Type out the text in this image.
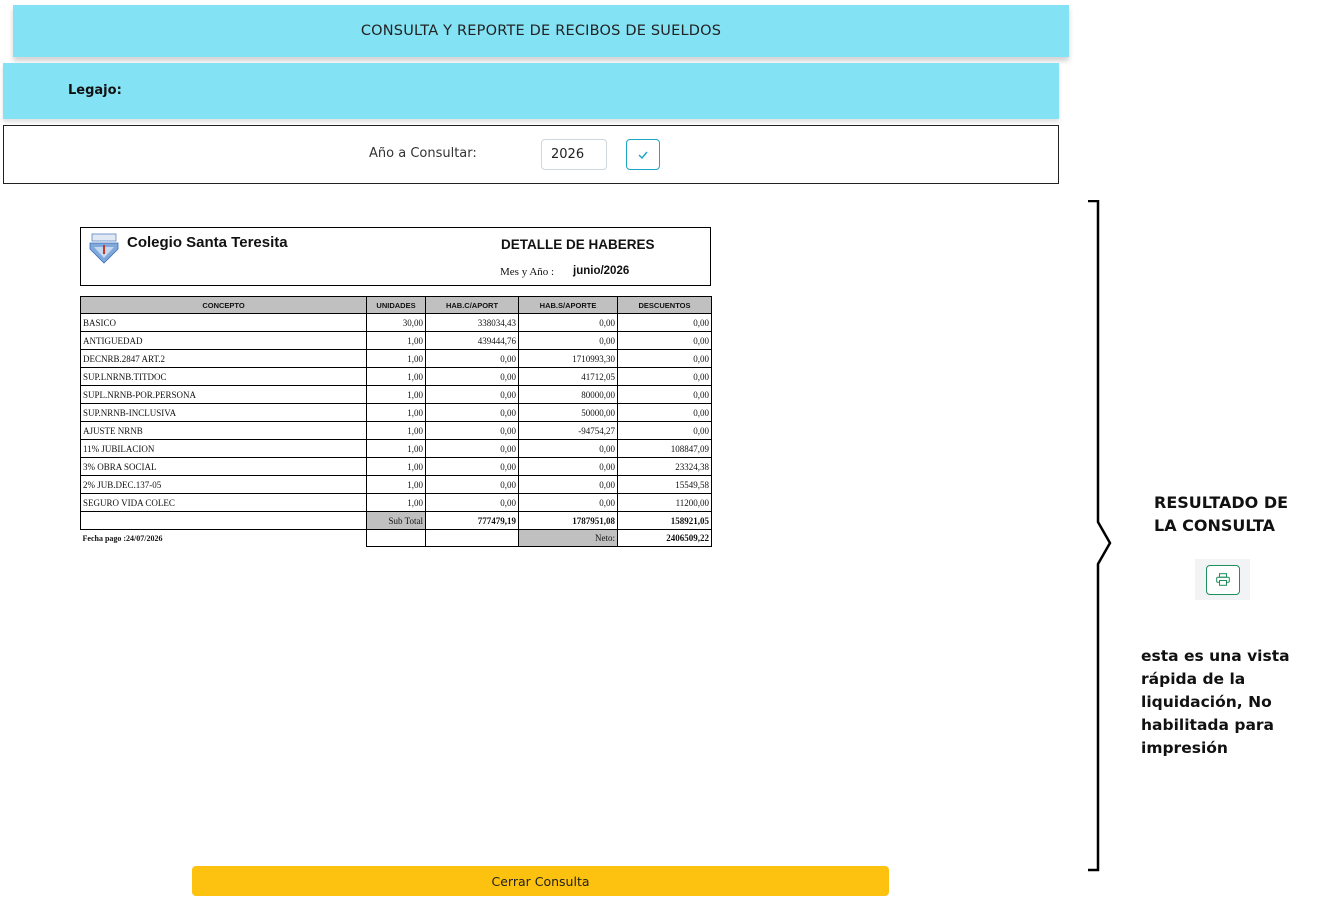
CONSULTA Y REPORTE DE RECIBOS DE SUELDOS
Legajo:
Año a Consultar:
2026
Colegio Santa Teresita	DETALLE DE HABERES
Mes y Año : junio/2026
CONCEPTO	UNIDADES	HAB.C/APORT	HAB.S/APORTE	DESCUENTOS
BASICO	30,00	338034,43	0,00	0,00
ANTIGUEDAD	1,00	439444,76	0,00	0,00
DECNRB.2847 ART.2	1,00	0,00	1710993,30	0,00
SUP.LNRNB.TITDOC	1,00	0,00	41712,05	0,00
SUPL.NRNB-POR.PERSONA	1,00	0,00	80000,00	0,00
SUP.NRNB-INCLUSIVA	1,00	0,00	50000,00	0,00
AJUSTE NRNB	1,00	0,00	-94754,27	0,00
11% JUBILACION	1,00	0,00	0,00	108847,09
3% OBRA SOCIAL	1,00	0,00	0,00	23324,38
2% JUB.DEC.137-05	1,00	0,00	0,00	15549,58
SEGURO VIDA COLEC	1,00	0,00	0,00	11200,00
	Sub Total	777479,19	1787951,08	158921,05
Fecha pago :24/07/2026			Neto:	2406509,22
RESULTADO DE LA CONSULTA
esta es una vista rápida de la liquidación, No habilitada para impresión
Cerrar Consulta
